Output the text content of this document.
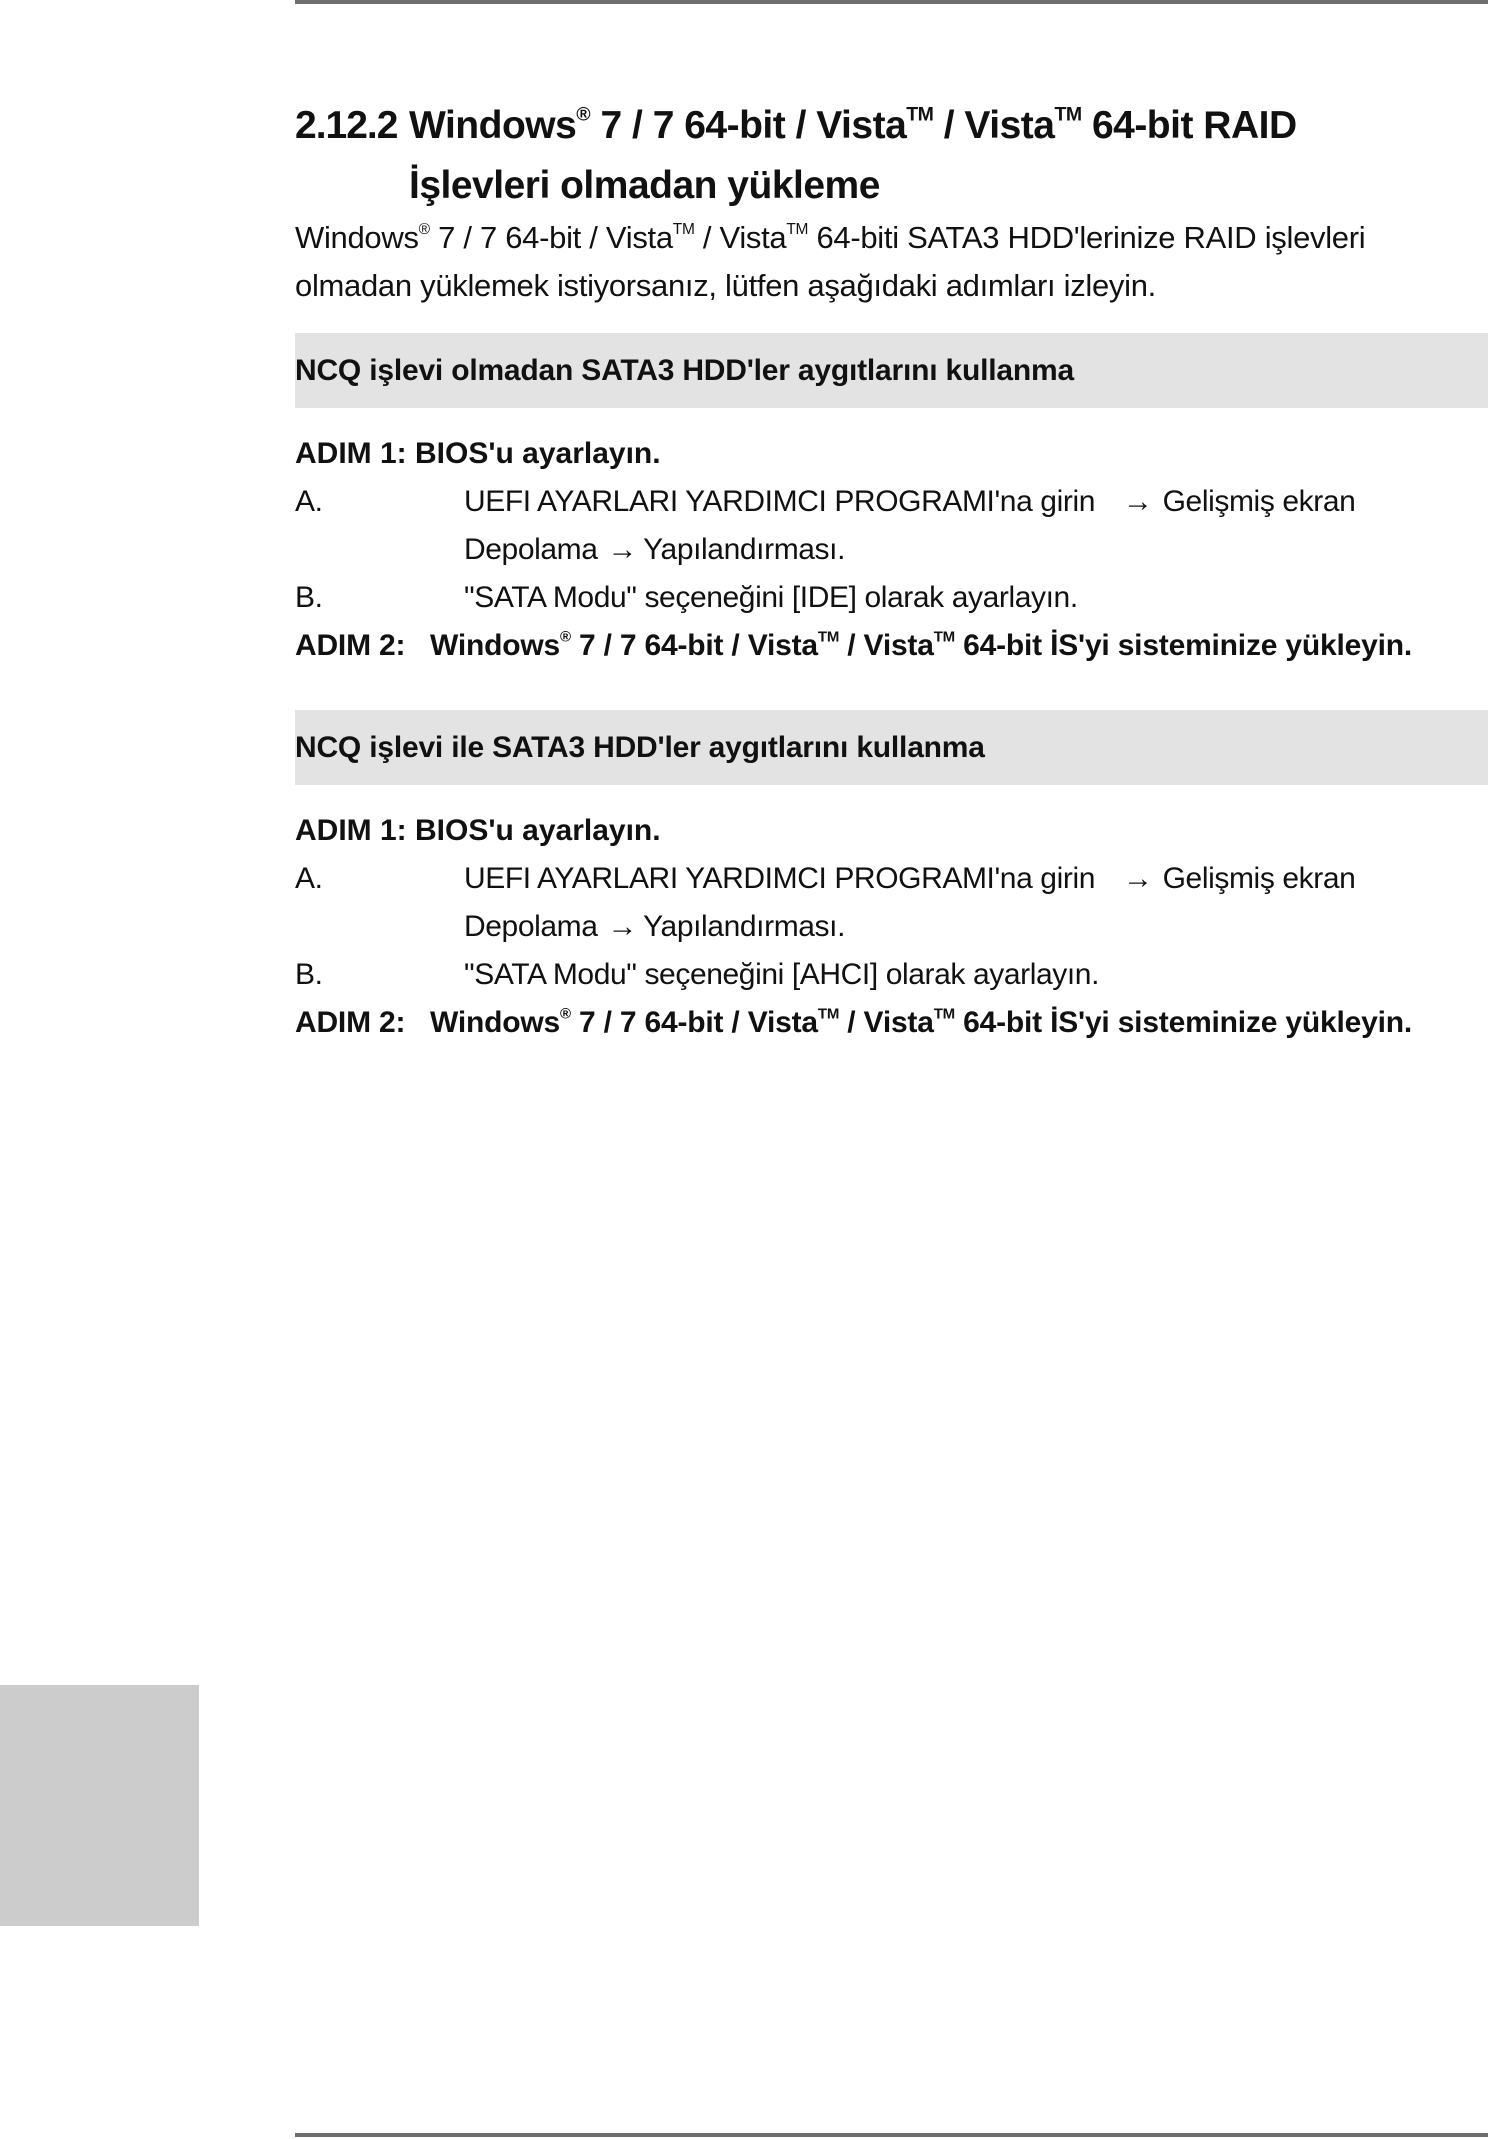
2.12.2 Windows® 7 / 7 64-bit / Vista™ / Vista™ 64-bit RAID
İşlevleri olmadan yükleme

Windows® 7 / 7 64-bit / Vista™ / Vista™ 64-biti SATA3 HDD'lerinize RAID işlevleri olmadan yüklemek istiyorsanız, lütfen aşağıdaki adımları izleyin.

NCQ işlevi olmadan SATA3 HDD'ler aygıtlarını kullanma
ADIM 1: BIOS'u ayarlayın.
A.	UEFI AYARLARI YARDIMCI PROGRAMI'na girin → Gelişmiş ekran
Depolama → Yapılandırması.
B.	"SATA Modu" seçeneğini [IDE] olarak ayarlayın.
ADIM 2: Windows® 7 / 7 64-bit / Vista™ / Vista™ 64-bit İS'yi sisteminize yükleyin.
NCQ işlevi ile SATA3 HDD'ler aygıtlarını kullanma
ADIM 1: BIOS'u ayarlayın.
A.	UEFI AYARLARI YARDIMCI PROGRAMI'na girin → Gelişmiş ekran
Depolama → Yapılandırması.
B.	"SATA Modu" seçeneğini [AHCI] olarak ayarlayın.
ADIM 2: Windows® 7 / 7 64-bit / Vista™ / Vista™ 64-bit İS'yi sisteminize yükleyin.
